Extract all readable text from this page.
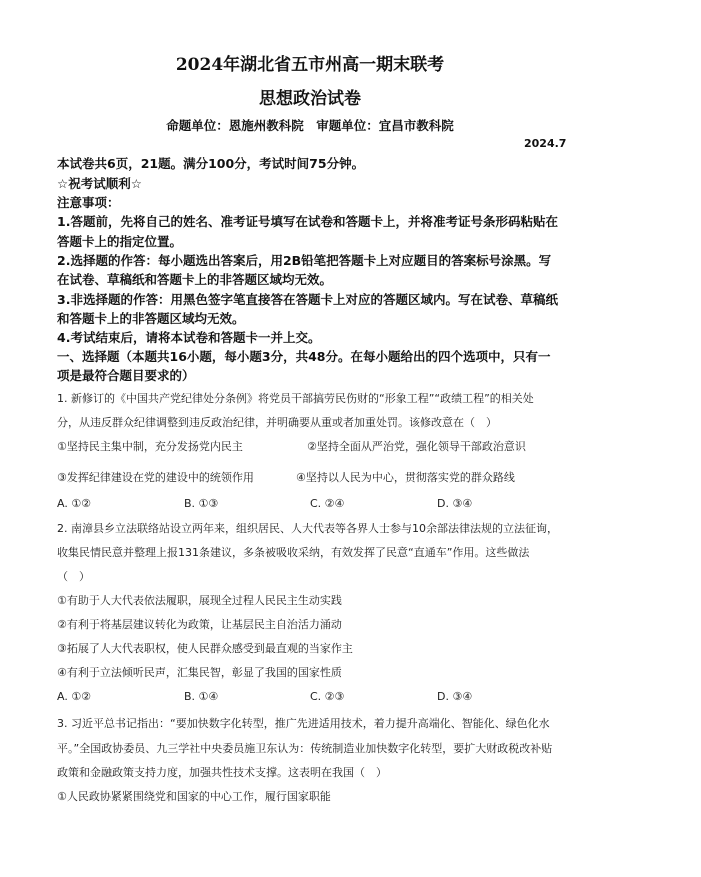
2024年湖北省五市州高一期末联考
思想政治试卷
命题单位：恩施州教科院　审题单位：宜昌市教科院
2024.7
本试卷共6页，21题。满分100分，考试时间75分钟。
☆祝考试顺利☆
注意事项：
1.答题前，先将自己的姓名、准考证号填写在试卷和答题卡上，并将准考证号条形码粘贴在
答题卡上的指定位置。
2.选择题的作答：每小题选出答案后，用2B铅笔把答题卡上对应题目的答案标号涂黑。写
在试卷、草稿纸和答题卡上的非答题区域均无效。
3.非选择题的作答：用黑色签字笔直接答在答题卡上对应的答题区域内。写在试卷、草稿纸
和答题卡上的非答题区域均无效。
4.考试结束后，请将本试卷和答题卡一并上交。
一、选择题（本题共16小题，每小题3分，共48分。在每小题给出的四个选项中，只有一
项是最符合题目要求的）
1. 新修订的《中国共产党纪律处分条例》将党员干部搞劳民伤财的“形象工程”“政绩工程”的相关处
分，从违反群众纪律调整到违反政治纪律，并明确要从重或者加重处罚。该修改意在（　）
①坚持民主集中制，充分发扬党内民主	②坚持全面从严治党，强化领导干部政治意识
③发挥纪律建设在党的建设中的统领作用	④坚持以人民为中心，贯彻落实党的群众路线
A. ①②	B. ①③	C. ②④	D. ③④
2. 南漳县乡立法联络站设立两年来，组织居民、人大代表等各界人士参与10余部法律法规的立法征询，
收集民情民意并整理上报131条建议，多条被吸收采纳，有效发挥了民意“直通车”作用。这些做法
（　）
①有助于人大代表依法履职，展现全过程人民民主生动实践
②有利于将基层建议转化为政策，让基层民主自治活力涌动
③拓展了人大代表职权，使人民群众感受到最直观的当家作主
④有利于立法倾听民声，汇集民智，彰显了我国的国家性质
A. ①②	B. ①④	C. ②③	D. ③④
3. 习近平总书记指出：“要加快数字化转型，推广先进适用技术，着力提升高端化、智能化、绿色化水
平。”全国政协委员、九三学社中央委员施卫东认为：传统制造业加快数字化转型，要扩大财政税改补贴
政策和金融政策支持力度，加强共性技术支撑。这表明在我国（　）
①人民政协紧紧围绕党和国家的中心工作，履行国家职能
